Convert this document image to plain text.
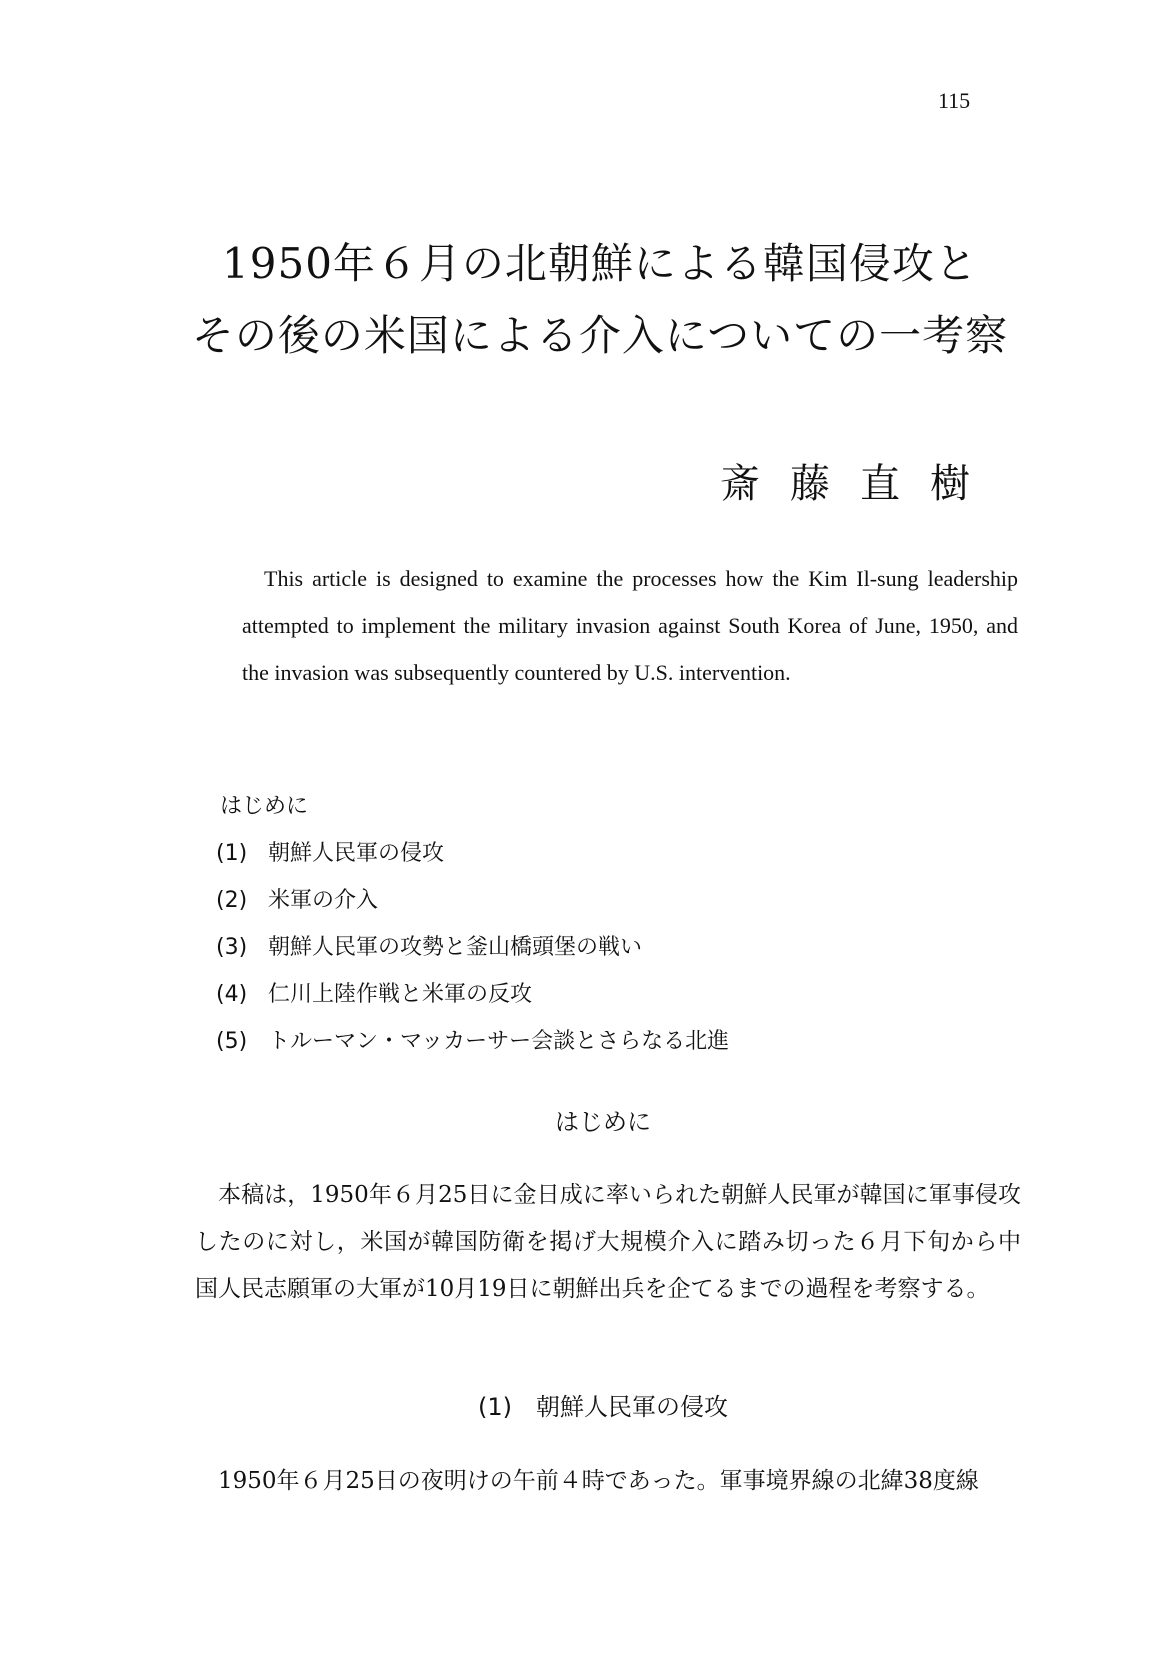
115
1950年６月の北朝鮮による韓国侵攻と
その後の米国による介入についての一考察
斎藤直樹
This article is designed to examine the processes how the Kim Il-sung leadership attempted to implement the military invasion against South Korea of June, 1950, and the invasion was subsequently countered by U.S. intervention.
はじめに
(1) 朝鮮人民軍の侵攻
(2) 米軍の介入
(3) 朝鮮人民軍の攻勢と釜山橋頭堡の戦い
(4) 仁川上陸作戦と米軍の反攻
(5) トルーマン・マッカーサー会談とさらなる北進
はじめに
本稿は，1950年６月25日に金日成に率いられた朝鮮人民軍が韓国に軍事侵攻したのに対し，米国が韓国防衛を掲げ大規模介入に踏み切った６月下旬から中国人民志願軍の大軍が10月19日に朝鮮出兵を企てるまでの過程を考察する。
(1)　朝鮮人民軍の侵攻
1950年６月25日の夜明けの午前４時であった。軍事境界線の北緯38度線
